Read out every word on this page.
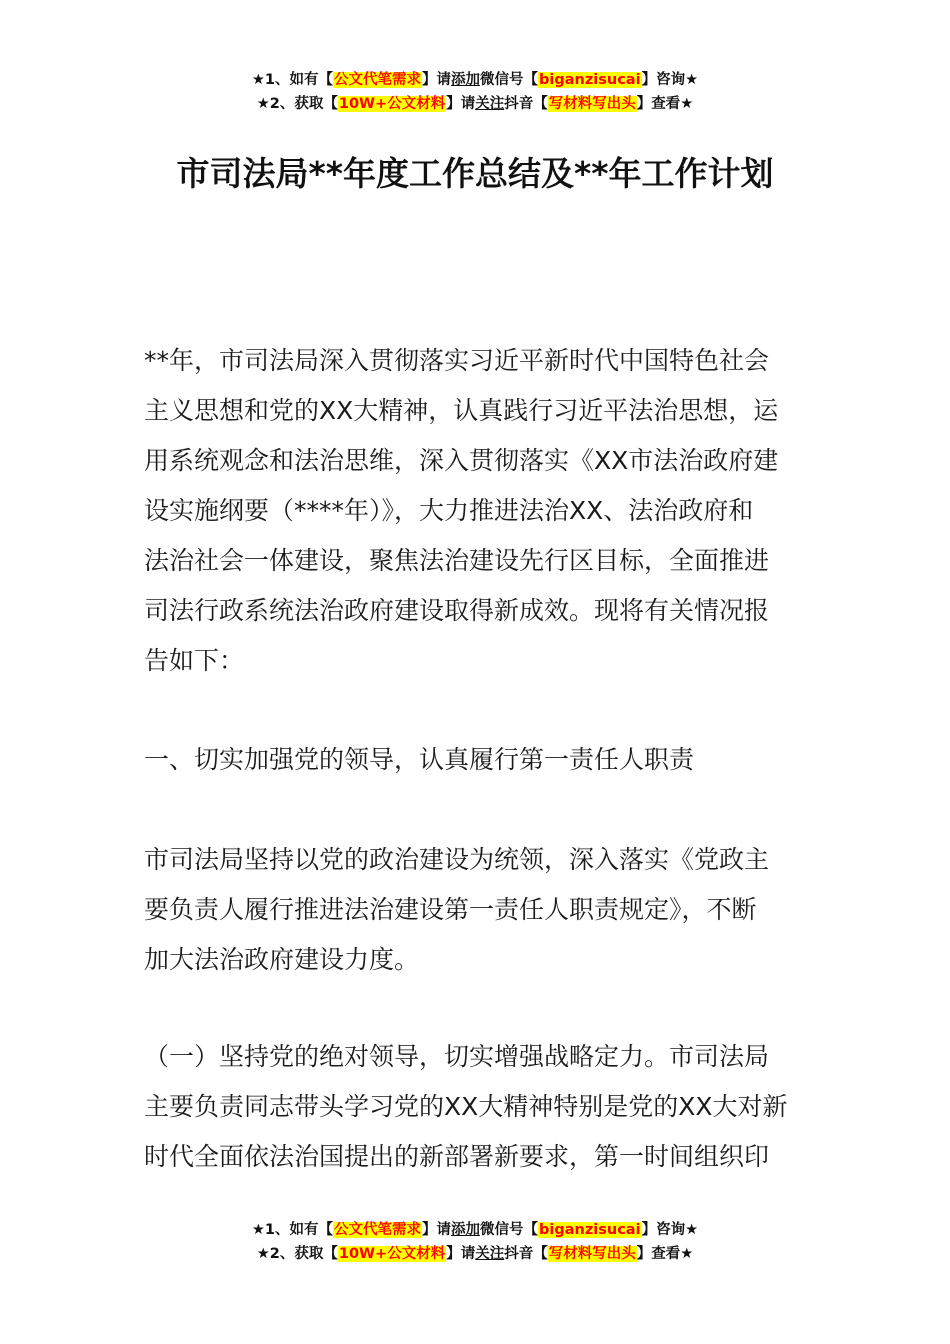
★1、如有【公文代笔需求】请添加微信号【biganzisucai】咨询★
★2、获取【10W+公文材料】请关注抖音【写材料写出头】查看★
市司法局**年度工作总结及**年工作计划
**年，市司法局深入贯彻落实习近平新时代中国特色社会
主义思想和党的XX大精神，认真践行习近平法治思想，运
用系统观念和法治思维，深入贯彻落实《XX市法治政府建
设实施纲要（****年）》，大力推进法治XX、法治政府和
法治社会一体建设，聚焦法治建设先行区目标，全面推进
司法行政系统法治政府建设取得新成效。现将有关情况报
告如下：
一、切实加强党的领导，认真履行第一责任人职责
市司法局坚持以党的政治建设为统领，深入落实《党政主
要负责人履行推进法治建设第一责任人职责规定》，不断
加大法治政府建设力度。
（一）坚持党的绝对领导，切实增强战略定力。市司法局
主要负责同志带头学习党的XX大精神特别是党的XX大对新
时代全面依法治国提出的新部署新要求，第一时间组织印
★1、如有【公文代笔需求】请添加微信号【biganzisucai】咨询★
★2、获取【10W+公文材料】请关注抖音【写材料写出头】查看★
